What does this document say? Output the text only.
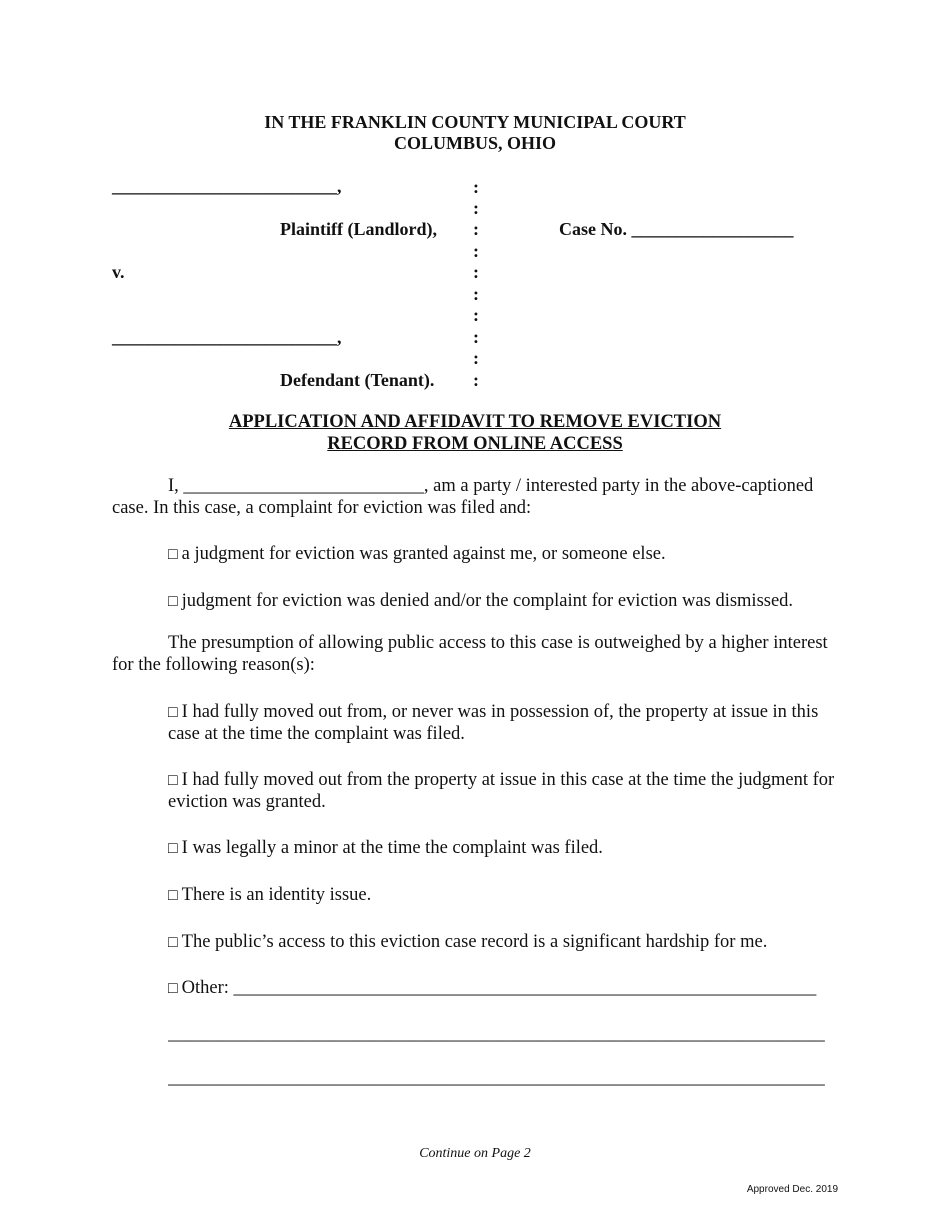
IN THE FRANKLIN COUNTY MUNICIPAL COURT
COLUMBUS, OHIO
_________________________,
Plaintiff (Landlord),
v.
_________________________,
Defendant (Tenant).
:
:
:
:
:
:
:
:
:
:
Case No. __________________
APPLICATION AND AFFIDAVIT TO REMOVE EVICTION
RECORD FROM ONLINE ACCESS
I, __________________________, am a party / interested party in the above-captioned
case. In this case, a complaint for eviction was filed and:
□ a judgment for eviction was granted against me, or someone else.
□ judgment for eviction was denied and/or the complaint for eviction was dismissed.
The presumption of allowing public access to this case is outweighed by a higher interest
for the following reason(s):
□ I had fully moved out from, or never was in possession of, the property at issue in this
case at the time the complaint was filed.
□ I had fully moved out from the property at issue in this case at the time the judgment for
eviction was granted.
□ I was legally a minor at the time the complaint was filed.
□ There is an identity issue.
□ The public’s access to this eviction case record is a significant hardship for me.
□ Other: _______________________________________________________________
_______________________________________________________________________
_______________________________________________________________________
Continue on Page 2
Approved Dec. 2019
